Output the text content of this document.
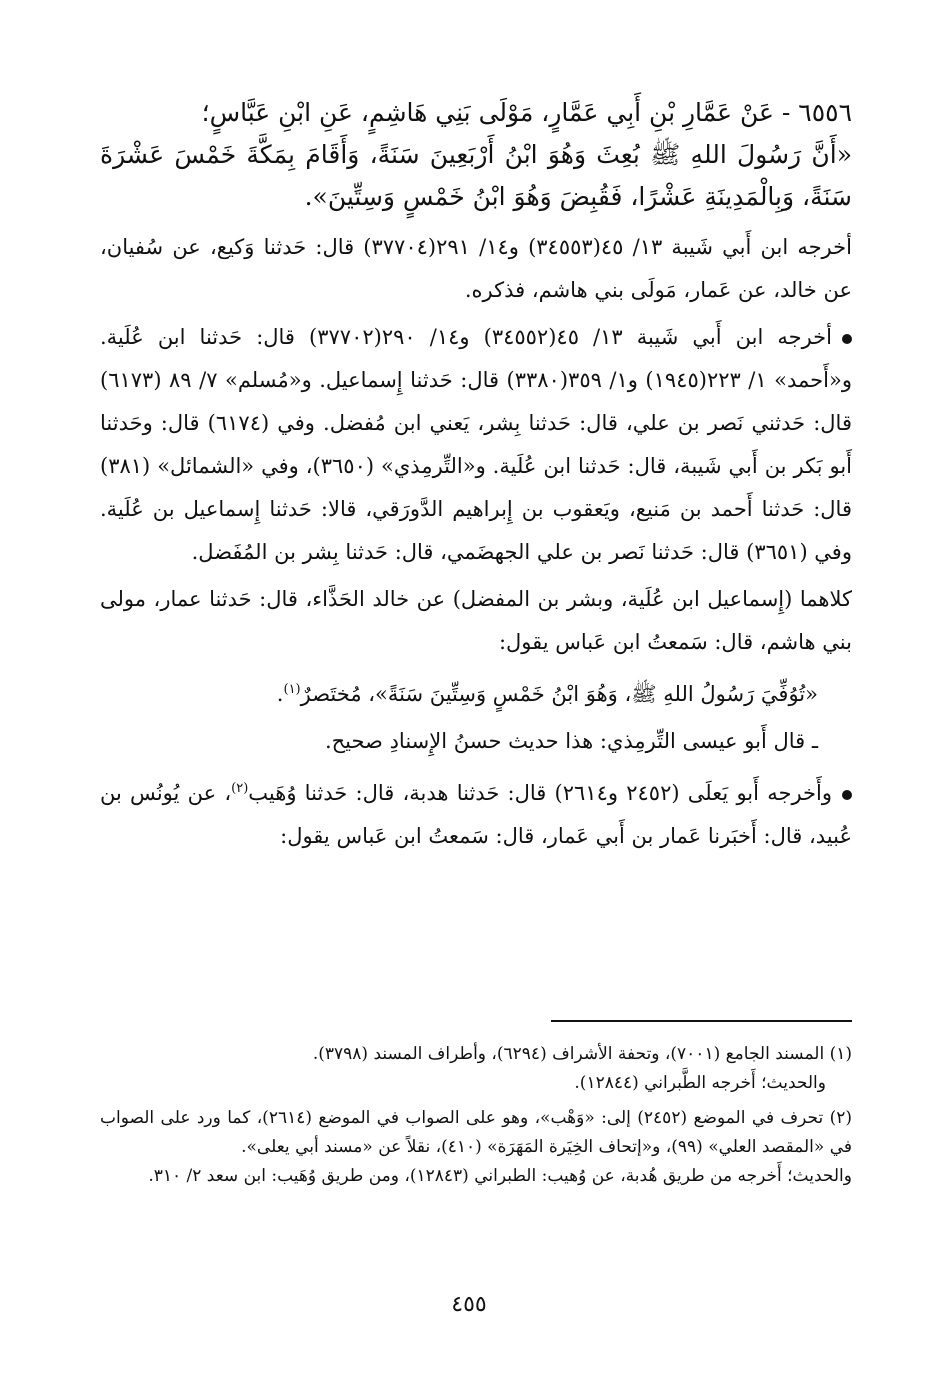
٦٥٥٦ - عَنْ عَمَّارِ بْنِ أَبِي عَمَّارٍ، مَوْلَى بَنِي هَاشِمٍ، عَنِ ابْنِ عَبَّاسٍ؛

«أَنَّ رَسُولَ اللهِ ﷺ بُعِثَ وَهُوَ ابْنُ أَرْبَعِينَ سَنَةً، وَأَقَامَ بِمَكَّةَ خَمْسَ عَشْرَةَ سَنَةً، وَبِالْمَدِينَةِ عَشْرًا، فَقُبِضَ وَهُوَ ابْنُ خَمْسٍ وَسِتِّينَ».

أخرجه ابن أَبي شَيبة ١٣/ ٤٥(٣٤٥٥٣) و١٤/ ٢٩١(٣٧٧٠٤) قال: حَدثنا وَكيع، عن سُفيان، عن خالد، عن عَمار، مَولَى بني هاشم، فذكره.

أخرجه ابن أَبي شَيبة ١٣/ ٤٥(٣٤٥٥٢) و١٤/ ٢٩٠(٣٧٧٠٢) قال: حَدثنا ابن عُلَية. و«أَحمد» ١/ ٢٢٣(١٩٤٥) و١/ ٣٥٩(٣٣٨٠) قال: حَدثنا إِسماعيل. و«مُسلم» ٧/ ٨٩ (٦١٧٣) قال: حَدثني نَصر بن علي، قال: حَدثنا بِشر، يَعني ابن مُفضل. وفي (٦١٧٤) قال: وحَدثنا أَبو بَكر بن أَبي شَيبة، قال: حَدثنا ابن عُلَية. و«التِّرمِذي» (٣٦٥٠)، وفي «الشمائل» (٣٨١) قال: حَدثنا أَحمد بن مَنيع، ويَعقوب بن إِبراهيم الدَّورَقي، قالا: حَدثنا إِسماعيل بن عُلَية. وفي (٣٦٥١) قال: حَدثنا نَصر بن علي الجهضَمي، قال: حَدثنا بِشر بن المُفَضل.

كلاهما (إِسماعيل ابن عُلَية، وبشر بن المفضل) عن خالد الحَذَّاء، قال: حَدثنا عمار، مولى بني هاشم، قال: سَمعتُ ابن عَباس يقول:

«تُوُفِّيَ رَسُولُ اللهِ ﷺ، وَهُوَ ابْنُ خَمْسٍ وَسِتِّينَ سَنَةً»، مُختَصرٌ$^{(١)}$.

ـ قال أَبو عيسى التِّرمِذي: هذا حديث حسنُ الإِسنادِ صحيح.

وأَخرجه أَبو يَعلَى (٢٤٥٢ و٢٦١٤) قال: حَدثنا هدبة، قال: حَدثنا وُهَيب$^{(٢)}$، عن يُونُس بن عُبيد، قال: أَخبَرنا عَمار بن أَبي عَمار، قال: سَمعتُ ابن عَباس يقول:

(١) المسند الجامع (٧٠٠١)، وتحفة الأشراف (٦٢٩٤)، وأطراف المسند (٣٧٩٨).
والحديث؛ أَخرجه الطَّبراني (١٢٨٤٤).
(٢) تحرف في الموضع (٢٤٥٢) إلى: «وَهْب»، وهو على الصواب في الموضع (٢٦١٤)، كما ورد على الصواب في «المقصد العلي» (٩٩)، و«إتحاف الخِيَرة المَهَرَة» (٤١٠)، نقلاً عن «مسند أبي يعلى».
والحديث؛ أَخرجه من طريق هُدبة، عن وُهيب: الطبراني (١٢٨٤٣)، ومن طريق وُهَيب: ابن سعد ٢/ ٣١٠.
٤٥٥
